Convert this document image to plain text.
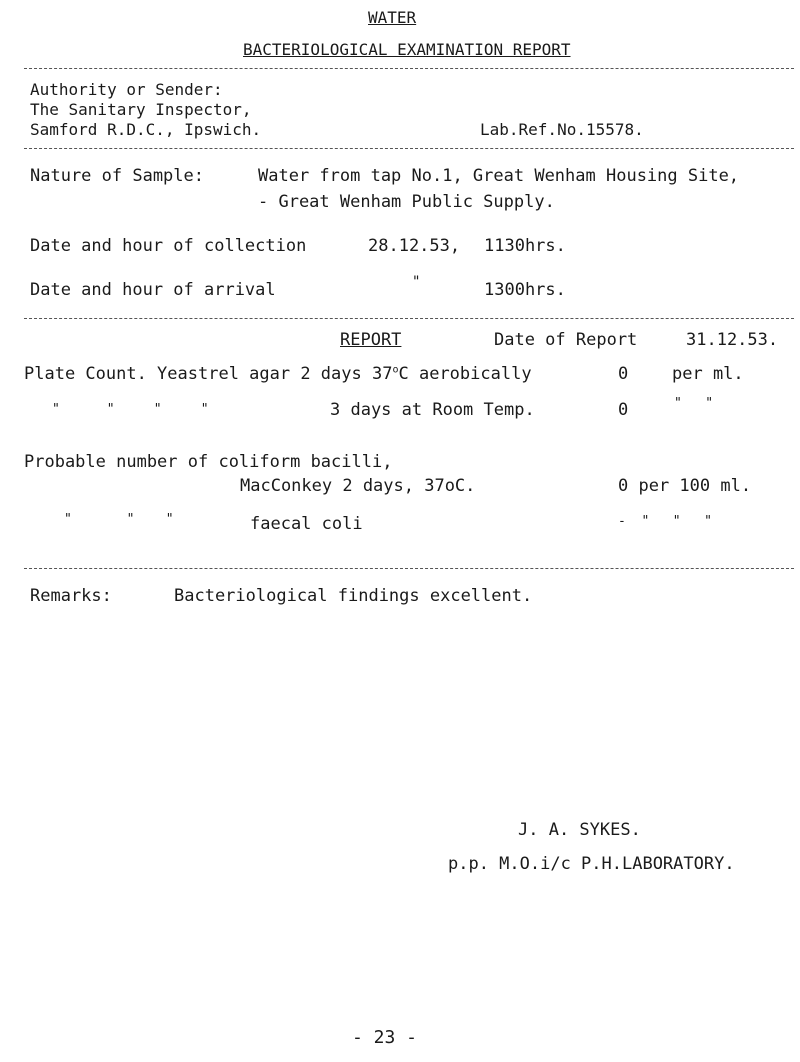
WATER
BACTERIOLOGICAL EXAMINATION REPORT
Authority or Sender:
The Sanitary Inspector,
Samford R.D.C., Ipswich.	Lab.Ref.No.15578.
Nature of Sample:	Water from tap No.1, Great Wenham Housing Site,
- Great Wenham Public Supply.
Date and hour of collection	28.12.53, 1130hrs.
Date and hour of arrival	"	1300hrs.
REPORT	Date of Report	31.12.53.
Plate Count. Yeastrel agar 2 days 37$^o$C aerobically	0	per ml.
"      "     "     "	3 days at Room Temp.	0	"   "
Probable number of coliform bacilli,
MacConkey 2 days, 37oC.	0 per 100 ml.
"       "    "	faecal coli	-  "   "   "
Remarks:	Bacteriological findings excellent.
J. A. SYKES.
p.p. M.O.i/c P.H.LABORATORY.
- 23 -
